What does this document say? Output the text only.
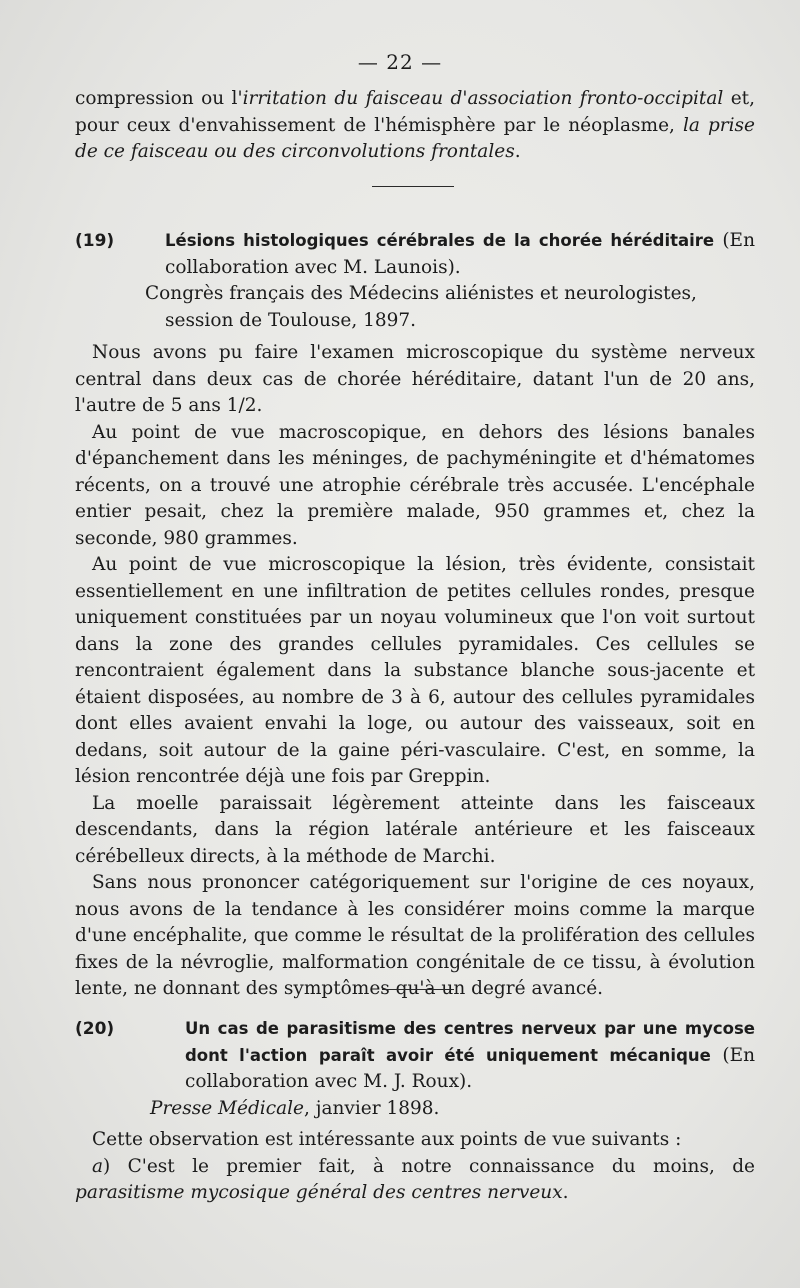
— 22 —

compression ou l'irritation du faisceau d'association fronto-occipital et, pour ceux d'envahissement de l'hémisphère par le néoplasme, la prise de ce faisceau ou des circonvolutions frontales.

(19)	Lésions histologiques cérébrales de la chorée héréditaire (En collaboration avec M. Launois).

Congrès français des Médecins aliénistes et neurologistes, session de Toulouse, 1897.

Nous avons pu faire l'examen microscopique du système nerveux central dans deux cas de chorée héréditaire, datant l'un de 20 ans, l'autre de 5 ans 1/2.

Au point de vue macroscopique, en dehors des lésions banales d'épanchement dans les méninges, de pachyméningite et d'hématomes récents, on a trouvé une atrophie cérébrale très accusée. L'encéphale entier pesait, chez la première malade, 950 grammes et, chez la seconde, 980 grammes.

Au point de vue microscopique la lésion, très évidente, consistait essentiellement en une infiltration de petites cellules rondes, presque uniquement constituées par un noyau volumineux que l'on voit surtout dans la zone des grandes cellules pyramidales. Ces cellules se rencontraient également dans la substance blanche sous-jacente et étaient disposées, au nombre de 3 à 6, autour des cellules pyramidales dont elles avaient envahi la loge, ou autour des vaisseaux, soit en dedans, soit autour de la gaine péri-vasculaire. C'est, en somme, la lésion rencontrée déjà une fois par Greppin.

La moelle paraissait légèrement atteinte dans les faisceaux descendants, dans la région latérale antérieure et les faisceaux cérébelleux directs, à la méthode de Marchi.

Sans nous prononcer catégoriquement sur l'origine de ces noyaux, nous avons de la tendance à les considérer moins comme la marque d'une encéphalite, que comme le résultat de la prolifération des cellules fixes de la névroglie, malformation congénitale de ce tissu, à évolution lente, ne donnant des symptômes qu'à un degré avancé.

(20)	Un cas de parasitisme des centres nerveux par une mycose dont l'action paraît avoir été uniquement mécanique (En collaboration avec M. J. Roux).

Presse Médicale, janvier 1898.

Cette observation est intéressante aux points de vue suivants :

a) C'est le premier fait, à notre connaissance du moins, de parasitisme mycosique général des centres nerveux.
